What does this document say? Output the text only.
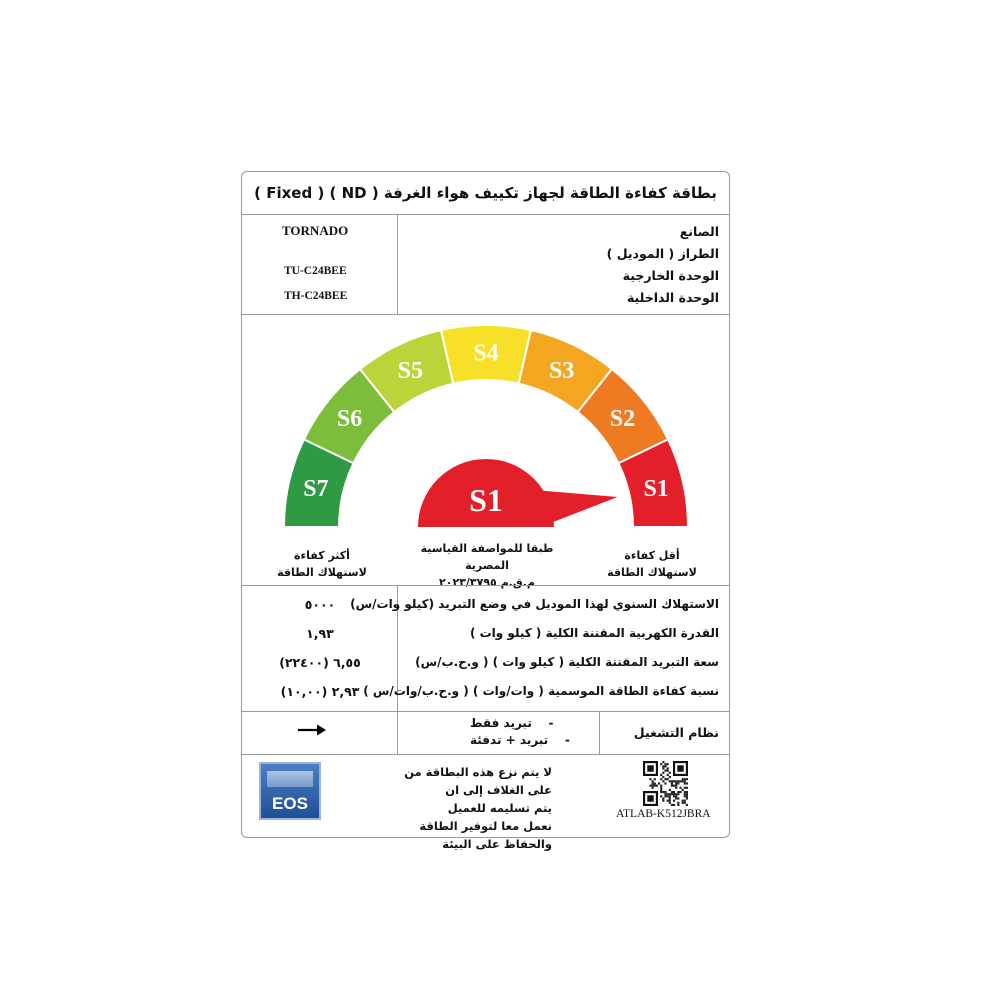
بطاقة كفاءة الطاقة لجهاز تكييف هواء الغرفة ( ND ) ( Fixed )
الصانع
الطراز ( الموديل )
الوحدة الخارجية
الوحدة الداخلية
TORNADO
TU-C24BEE
TH-C24BEE
S7
S6
S5
S4
S3
S2
S1
S1
أكثر كفاءة
لاستهلاك الطاقة
طبقا للمواصفة القياسية المصرية
م.ق.م ٢٠٢٣/٣٧٩٥
أقل كفاءة
لاستهلاك الطاقة
الاستهلاك السنوي لهذا الموديل في وضع التبريد (كيلو وات/س)
القدرة الكهربية المقننة الكلية ( كيلو وات )
سعة التبريد المقننة الكلية ( كيلو وات ) ( و.ح.ب/س)
نسبة كفاءة الطاقة الموسمية ( وات/وات ) ( و.ح.ب/وات/س )
٥٠٠٠
١,٩٣
٦,٥٥ (٢٢٤٠٠)
٢,٩٣ (١٠,٠٠)
-    تبريد فقط
-    تبريد + تدفئة	نظام التشغيل
EOS
لا يتم نزع هذه البطاقة من على الغلاف إلى ان
يتم تسليمه للعميل
نعمل معا لتوفير الطاقة والحفاظ على البيئة
ATLAB-K512JBRA
